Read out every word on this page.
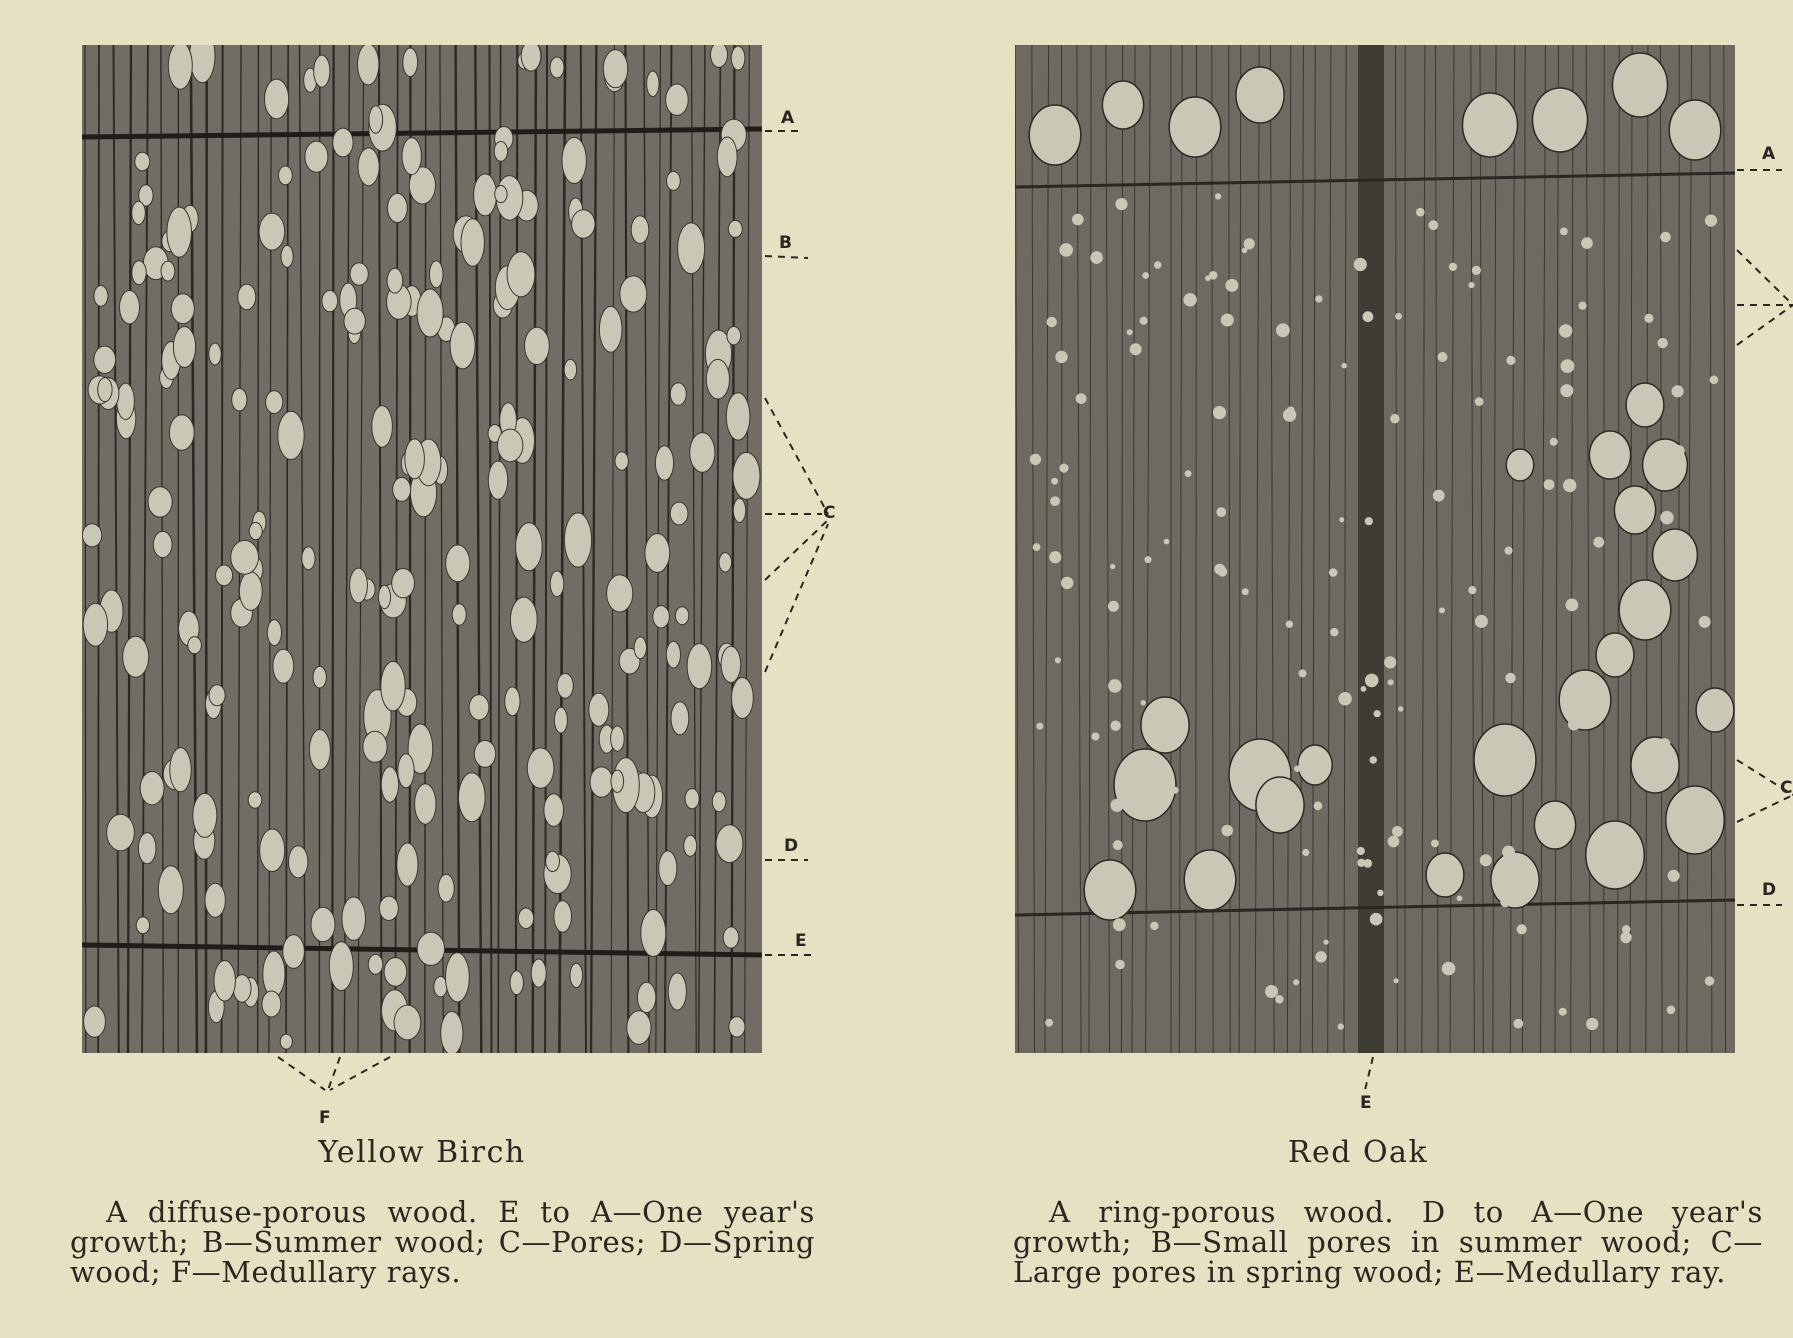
A
B
C
D
E
F
A
C
D
E
Yellow Birch	Red Oak
A diffuse-porous wood. E to A—One year's growth; B—Summer wood; C—Pores; D—Spring wood; F—Medullary rays.
A ring-porous wood. D to A—One year's growth; B—Small pores in summer wood; C—Large pores in spring wood; E—Medullary ray.
